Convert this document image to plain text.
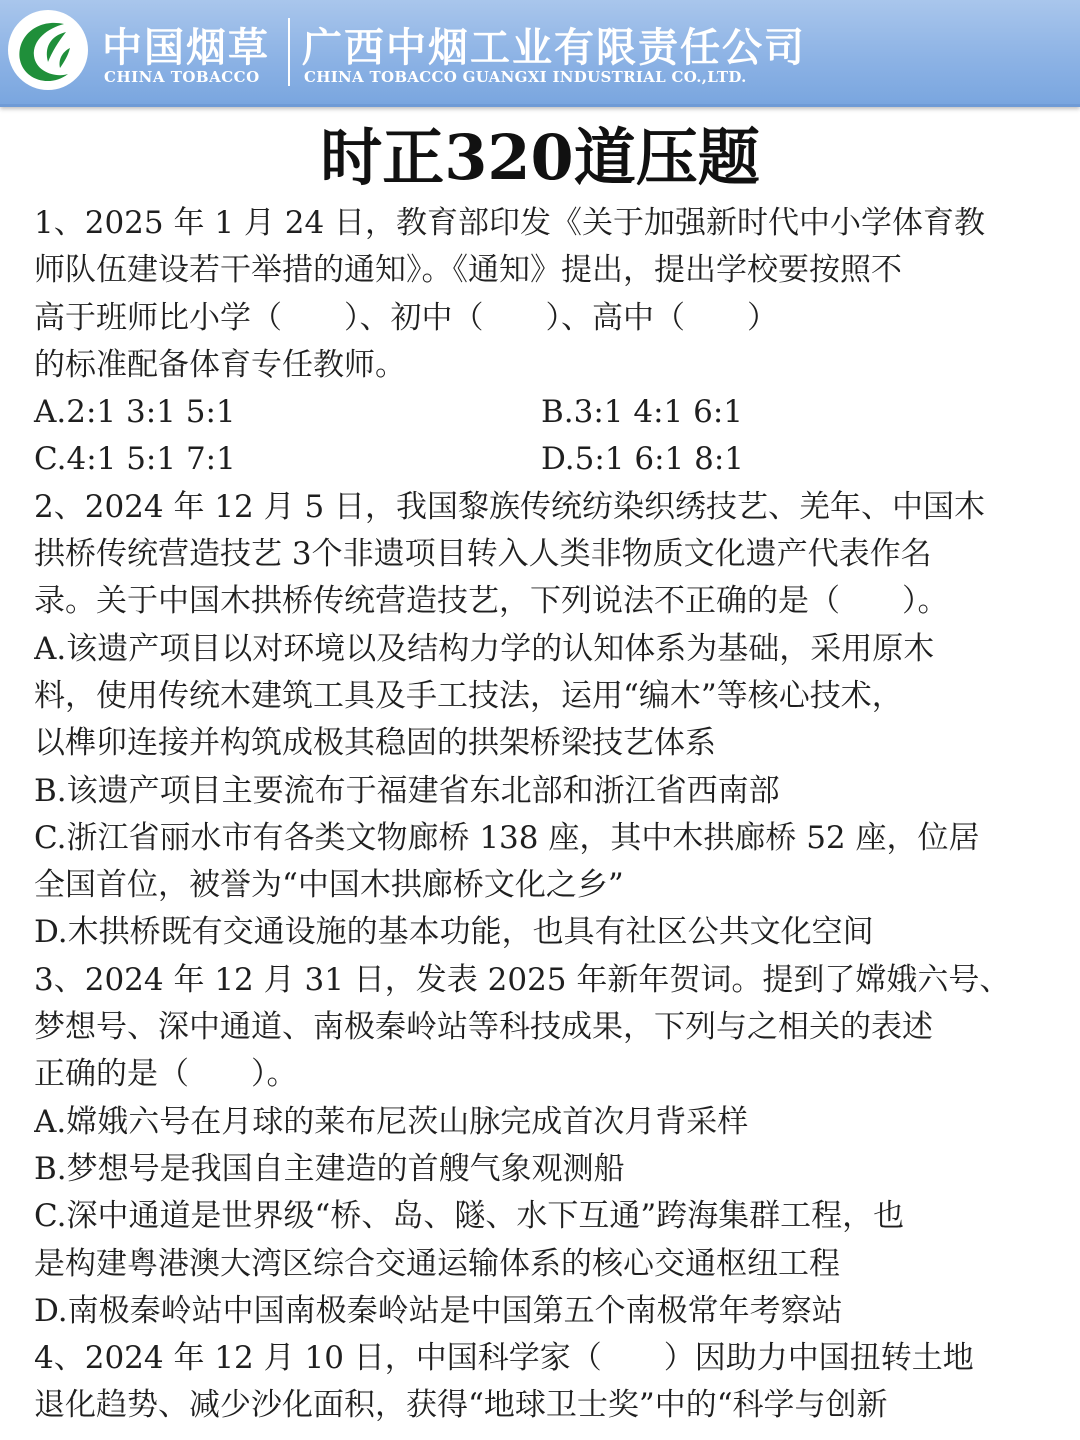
中国烟草
CHINA TOBACCO
广西中烟工业有限责任公司
CHINA TOBACCO GUANGXI INDUSTRIAL CO.,LTD.
时正320道压题
1、2025 年 1 月 24 日，教育部印发《关于加强新时代中小学体育教
师队伍建设若干举措的通知》。《通知》提出，提出学校要按照不
高于班师比小学（　　）、初中（　　）、高中（　　）
的标准配备体育专任教师。
A.2:1 3:1 5:1	B.3:1 4:1 6:1
C.4:1 5:1 7:1	D.5:1 6:1 8:1
2、2024 年 12 月 5 日，我国黎族传统纺染织绣技艺、羌年、中国木
拱桥传统营造技艺 3个非遗项目转入人类非物质文化遗产代表作名
录。关于中国木拱桥传统营造技艺，下列说法不正确的是（　　）。
A.该遗产项目以对环境以及结构力学的认知体系为基础，采用原木
料，使用传统木建筑工具及手工技法，运用“编木”等核心技术，
以榫卯连接并构筑成极其稳固的拱架桥梁技艺体系
B.该遗产项目主要流布于福建省东北部和浙江省西南部
C.浙江省丽水市有各类文物廊桥 138 座，其中木拱廊桥 52 座，位居
全国首位，被誉为“中国木拱廊桥文化之乡”
D.木拱桥既有交通设施的基本功能，也具有社区公共文化空间
3、2024 年 12 月 31 日，发表 2025 年新年贺词。提到了嫦娥六号、
梦想号、深中通道、南极秦岭站等科技成果，下列与之相关的表述
正确的是（　　）。
A.嫦娥六号在月球的莱布尼茨山脉完成首次月背采样
B.梦想号是我国自主建造的首艘气象观测船
C.深中通道是世界级“桥、岛、隧、水下互通”跨海集群工程，也
是构建粤港澳大湾区综合交通运输体系的核心交通枢纽工程
D.南极秦岭站中国南极秦岭站是中国第五个南极常年考察站
4、2024 年 12 月 10 日，中国科学家（　　）因助力中国扭转土地
退化趋势、减少沙化面积，获得“地球卫士奖”中的“科学与创新
